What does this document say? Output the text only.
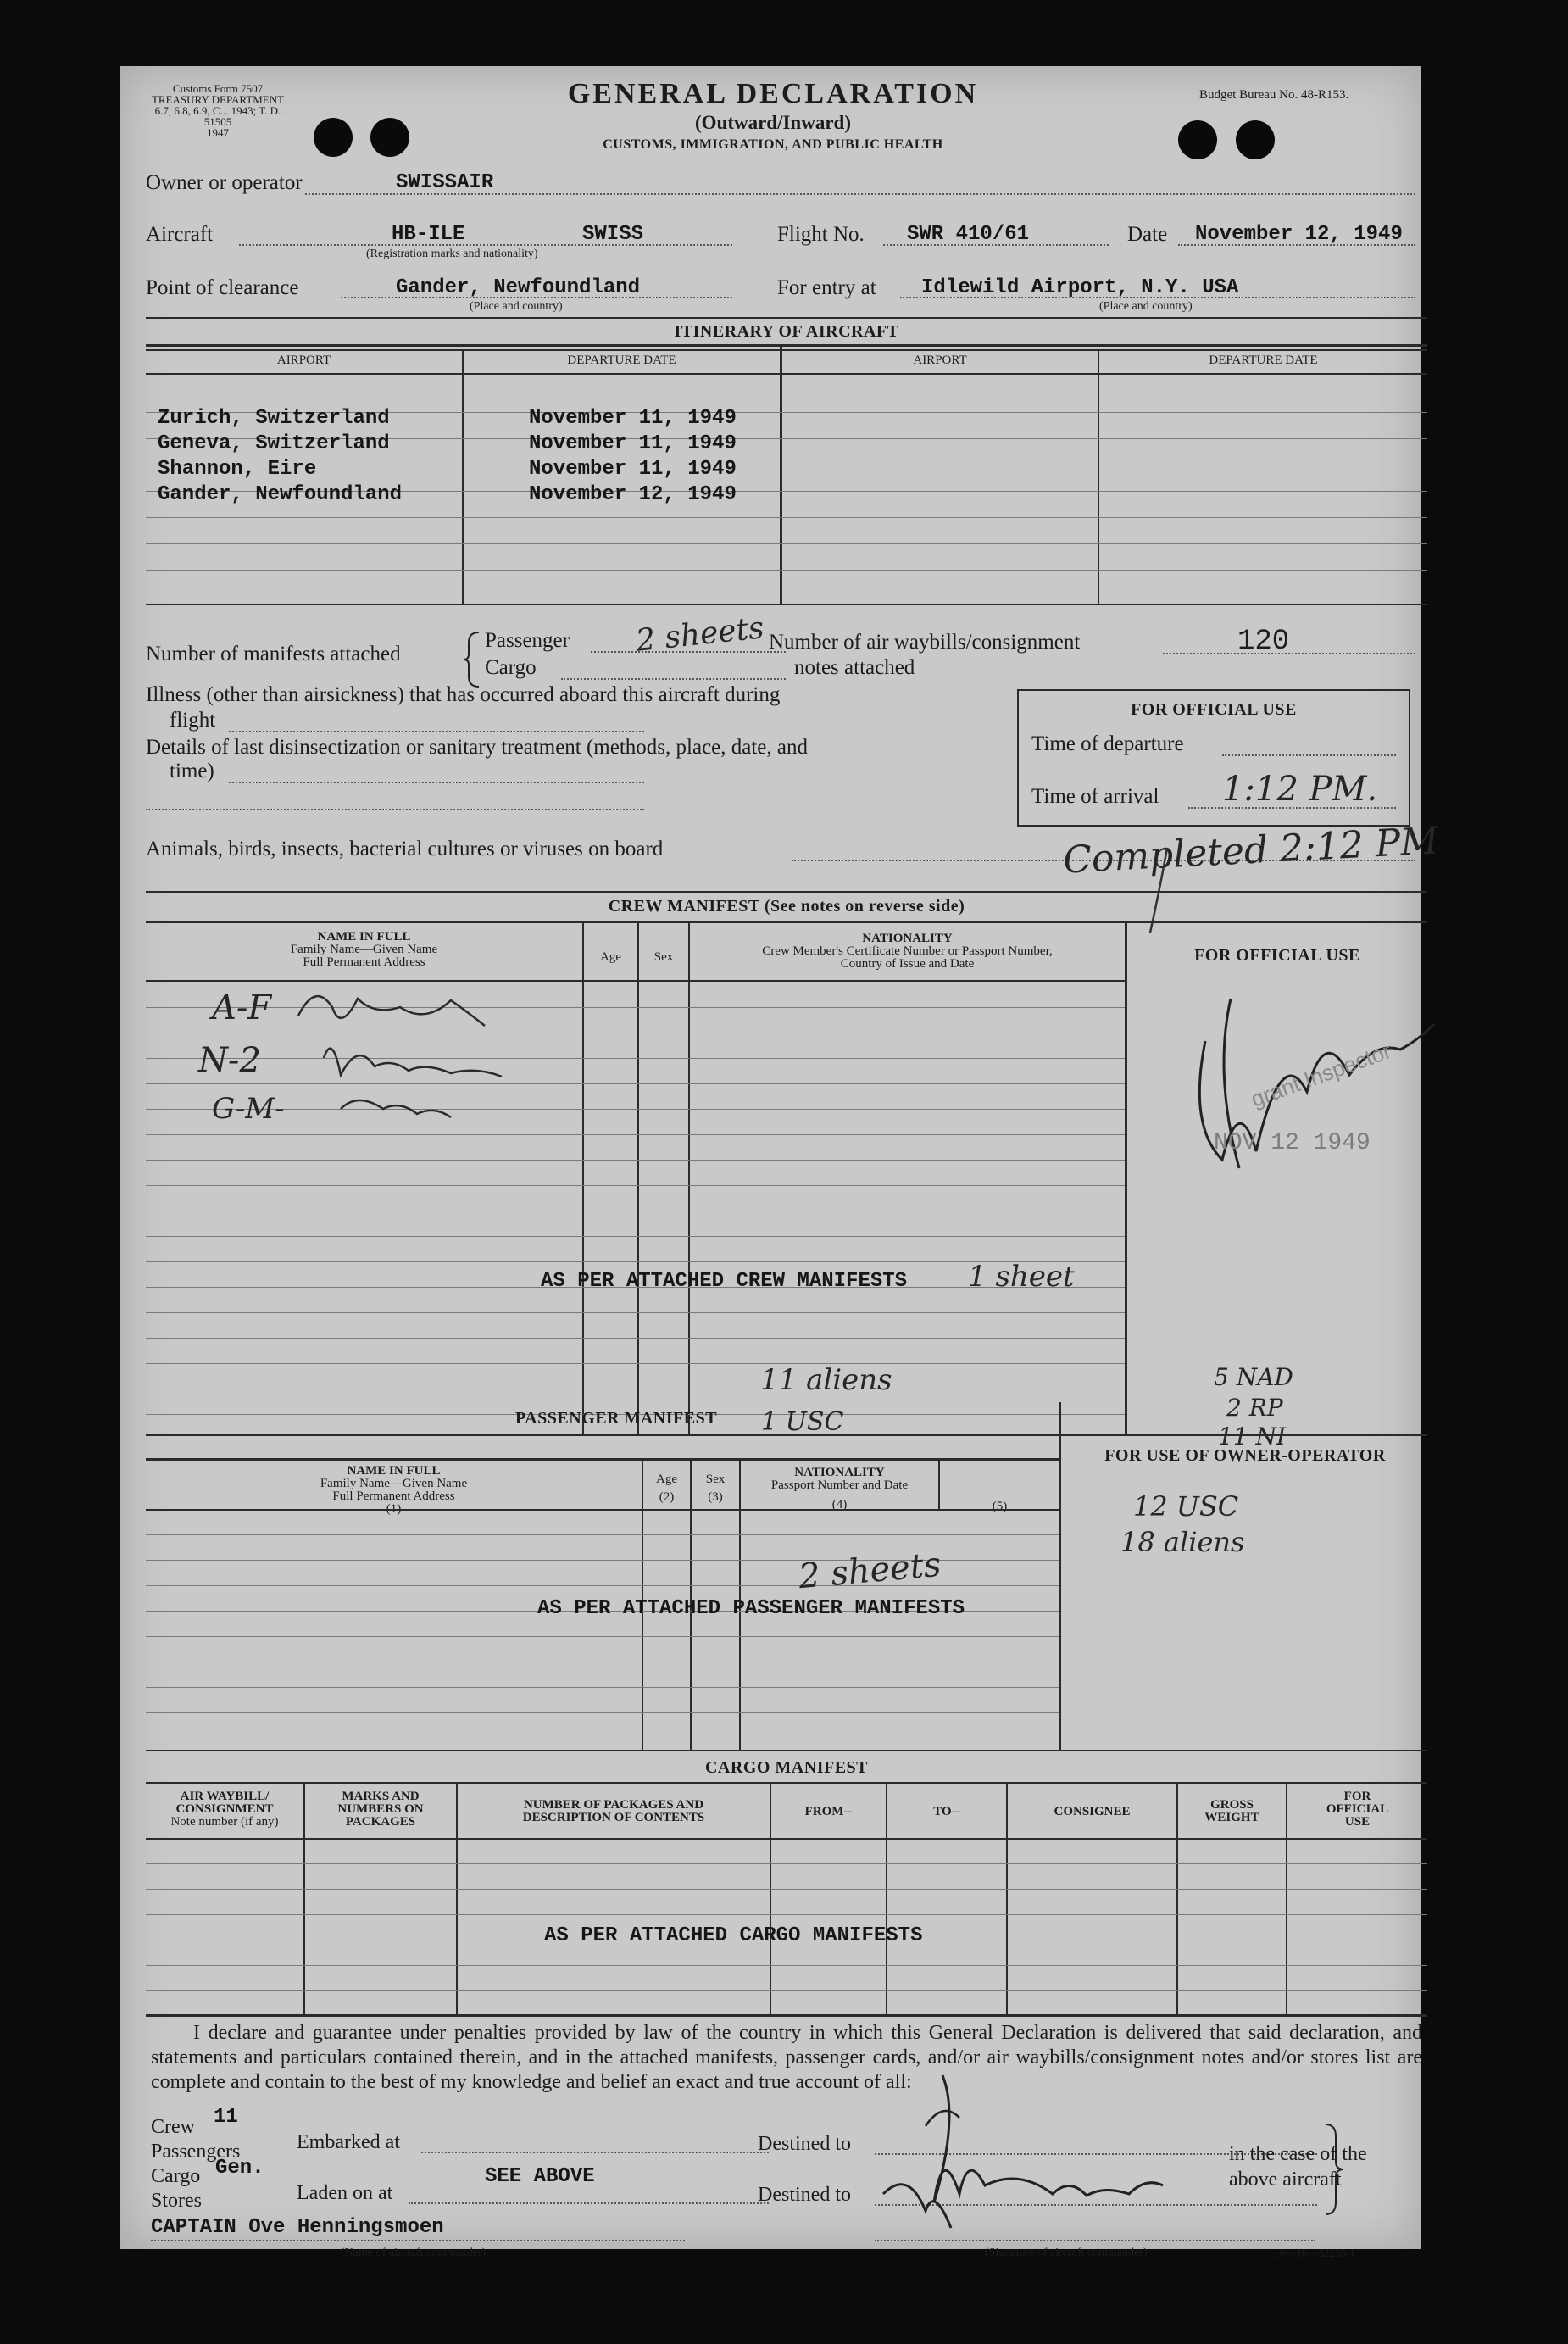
Customs Form 7507
TREASURY DEPARTMENT
6.7, 6.8, 6.9, C... 1943; T. D. 51505
1947
Budget Bureau No. 48-R153.
GENERAL DECLARATION
(Outward/Inward)
CUSTOMS, IMMIGRATION, AND PUBLIC HEALTH
Owner or operator	SWISSAIR
Aircraft	HB-ILE	SWISS
(Registration marks and nationality)
Flight No. SWR 410/61	Date November 12, 1949
Point of clearance	Gander, Newfoundland
(Place and country)
For entry at Idlewild Airport, N.Y. USA
(Place and country)
ITINERARY OF AIRCRAFT
AIRPORT	DEPARTURE DATE	AIRPORT	DEPARTURE DATE
Zurich, Switzerland	November 11, 1949
Geneva, Switzerland	November 11, 1949
Shannon, Eire	November 11, 1949
Gander, Newfoundland	November 12, 1949
Number of manifests attached
Passenger
Cargo
2 sheets Number of air waybills/consignment
notes attached
120
Illness (other than airsickness) that has occurred aboard this aircraft during
flight
Details of last disinsectization or sanitary treatment (methods, place, date, and
time)
Animals, birds, insects, bacterial cultures or viruses on board
FOR OFFICIAL USE
Time of departure
Time of arrival 1:12 PM.
Completed 2:12 PM
CREW MANIFEST (See notes on reverse side)
NAME IN FULL
Family Name—Given Name
Full Permanent Address	Age	Sex
NATIONALITY
Crew Member's Certificate Number or Passport Number,
Country of Issue and Date	FOR OFFICIAL USE
A-F
N-2
G-M-	grant Inspector
NOV 12 1949
AS PER ATTACHED CREW MANIFESTS 1 sheet
11 aliens
1 USC
5 NAD
2 RP
11 NI
PASSENGER MANIFEST
NAME IN FULL
Family Name—Given Name
Full Permanent Address
(1)
Age
(2)
Sex
(3)
NATIONALITY
Passport Number and Date
(4)	(5)
FOR USE OF OWNER-OPERATOR
12 USC
18 aliens
2 sheets
AS PER ATTACHED PASSENGER MANIFESTS
CARGO MANIFEST
AIR WAYBILL/
CONSIGNMENT
Note number (if any)
MARKS AND
NUMBERS ON
PACKAGES
NUMBER OF PACKAGES AND
DESCRIPTION OF CONTENTS	FROM--	TO--	CONSIGNEE	GROSS
WEIGHT
FOR
OFFICIAL
USE
AS PER ATTACHED CARGO MANIFESTS
I declare and guarantee under penalties provided by law of the country in which this General Declaration is delivered that said declaration, and statements and particulars contained therein, and in the attached manifests, passenger cards, and/or air waybills/consignment notes and/or stores list are complete and contain to the best of my knowledge and belief an exact and true account of all:
Crew 11
Passengers
Cargo Gen.
Stores
Embarked at
Laden on at
SEE ABOVE
Destined to
Destined to
in the case of the
above aircraft
CAPTAIN Ove Henningsmoen
(Name of aircraft commander)	(Signature of aircraft commander)	c6—16—52255-1
